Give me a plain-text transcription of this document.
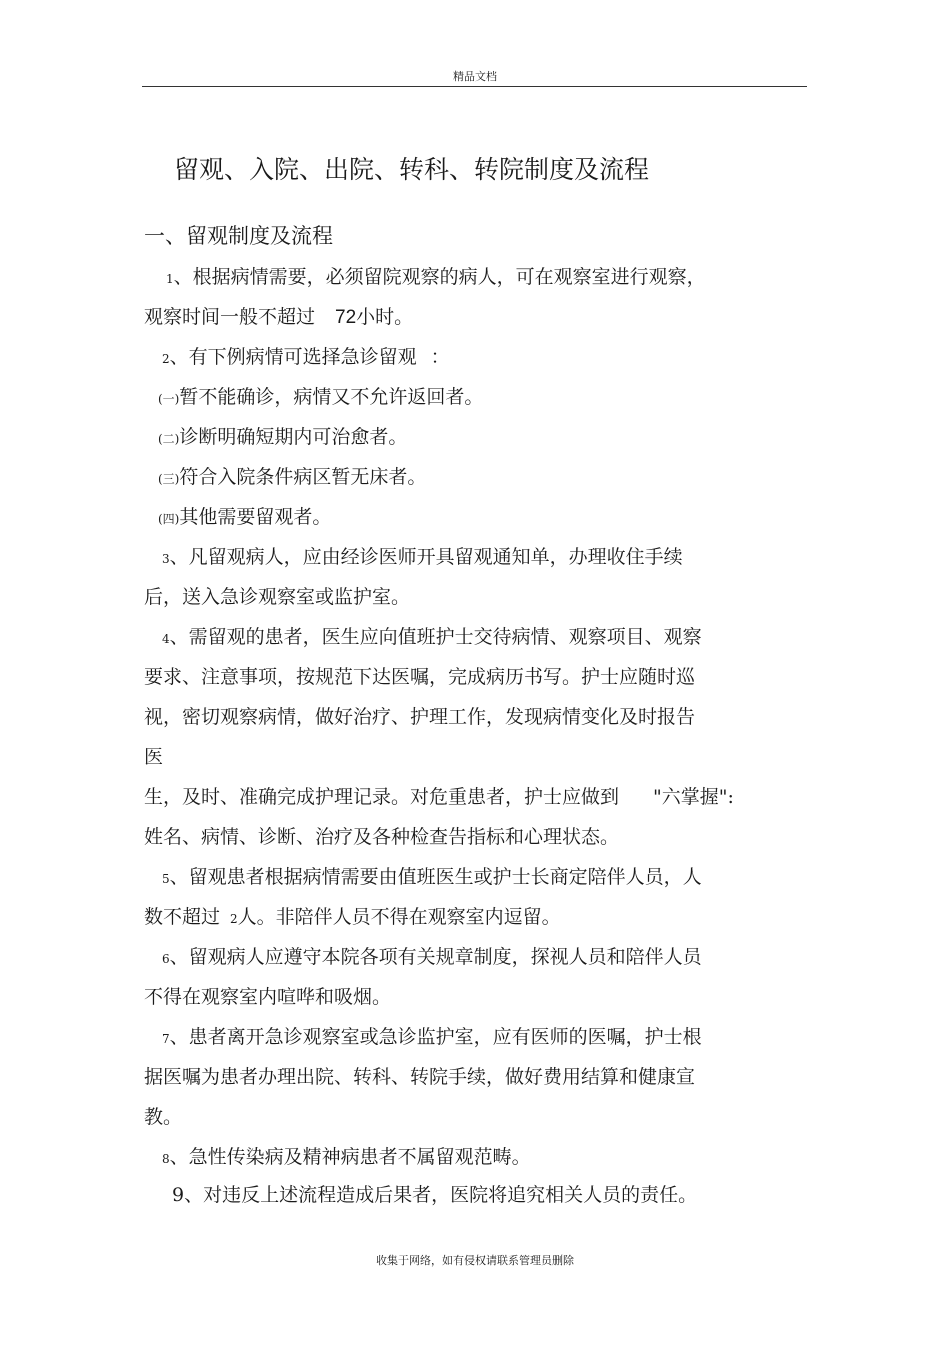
精品文档
留观、入院、出院、转科、转院制度及流程
一、留观制度及流程
1、根据病情需要，必须留院观察的病人，可在观察室进行观察，
观察时间一般不超过 72小时。
2、有下例病情可选择急诊留观 ：
(一)暂不能确诊，病情又不允许返回者。
(二)诊断明确短期内可治愈者。
(三)符合入院条件病区暂无床者。
(四)其他需要留观者。
3、凡留观病人，应由经诊医师开具留观通知单，办理收住手续
后，送入急诊观察室或监护室。
4、需留观的患者，医生应向值班护士交待病情、观察项目、观察
要求、注意事项，按规范下达医嘱，完成病历书写。护士应随时巡
视，密切观察病情，做好治疗、护理工作，发现病情变化及时报告
医
生，及时、准确完成护理记录。对危重患者，护士应做到 "六掌握":
姓名、病情、诊断、治疗及各种检查告指标和心理状态。
5、留观患者根据病情需要由值班医生或护士长商定陪伴人员，人
数不超过 2人。非陪伴人员不得在观察室内逗留。
6、留观病人应遵守本院各项有关规章制度，探视人员和陪伴人员
不得在观察室内喧哗和吸烟。
7、患者离开急诊观察室或急诊监护室，应有医师的医嘱，护士根
据医嘱为患者办理出院、转科、转院手续，做好费用结算和健康宣
教。
8、急性传染病及精神病患者不属留观范畴。
9、对违反上述流程造成后果者，医院将追究相关人员的责任。
收集于网络，如有侵权请联系管理员删除
